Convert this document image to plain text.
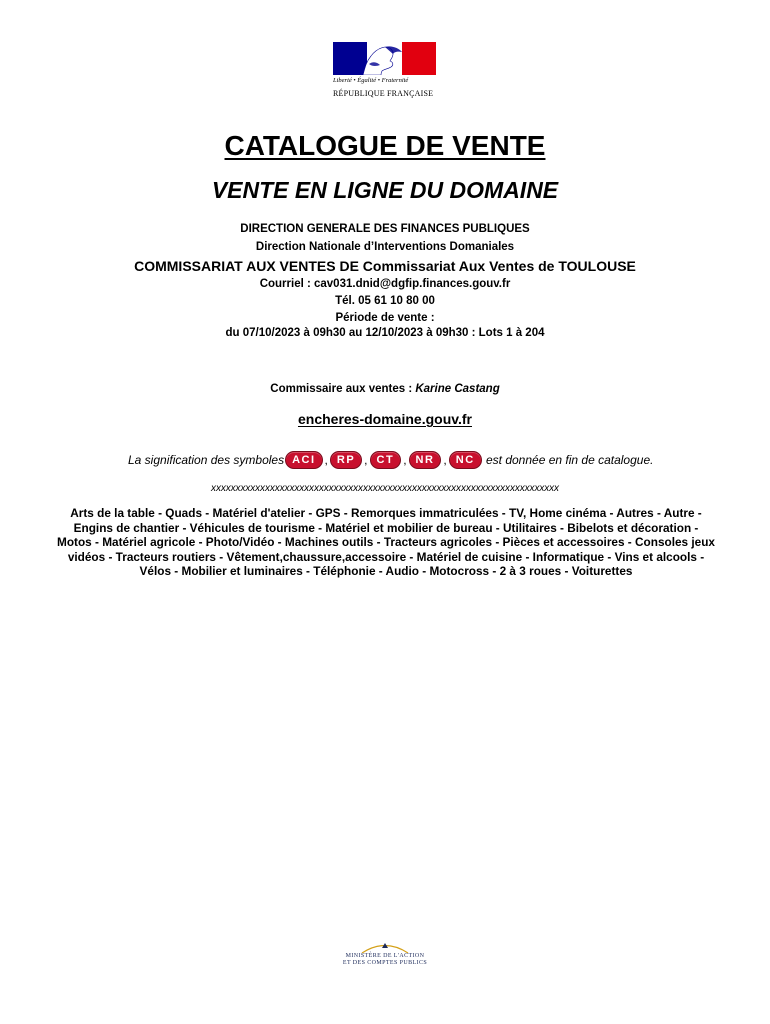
Liberté • Égalité • Fraternité
RÉPUBLIQUE FRANÇAISE
CATALOGUE DE VENTE
VENTE EN LIGNE DU DOMAINE
DIRECTION GENERALE DES FINANCES PUBLIQUES
Direction Nationale d’Interventions Domaniales
COMMISSARIAT AUX VENTES DE Commissariat Aux Ventes de TOULOUSE
Courriel : cav031.dnid@dgfip.finances.gouv.fr
Tél. 05 61 10 80 00
Période de vente :
du 07/10/2023 à 09h30 au 12/10/2023 à 09h30 : Lots 1 à 204
Commissaire aux ventes : Karine Castang
encheres-domaine.gouv.fr
La signification des symboles ACI , RP , CT , NR , NC est donnée en fin de catalogue.
xxxxxxxxxxxxxxxxxxxxxxxxxxxxxxxxxxxxxxxxxxxxxxxxxxxxxxxxxxxxxxxxxxxxxxx
Arts de la table - Quads - Matériel d'atelier - GPS - Remorques immatriculées - TV, Home cinéma - Autres - Autre - Engins de chantier - Véhicules de tourisme - Matériel et mobilier de bureau - Utilitaires - Bibelots et décoration - Motos - Matériel agricole - Photo/Vidéo - Machines outils - Tracteurs agricoles - Pièces et accessoires - Consoles jeux vidéos - Tracteurs routiers - Vêtement,chaussure,accessoire - Matériel de cuisine - Informatique - Vins et alcools - Vélos - Mobilier et luminaires - Téléphonie - Audio - Motocross - 2 à 3 roues - Voiturettes
MINISTÈRE DE L'ACTION
ET DES COMPTES PUBLICS
